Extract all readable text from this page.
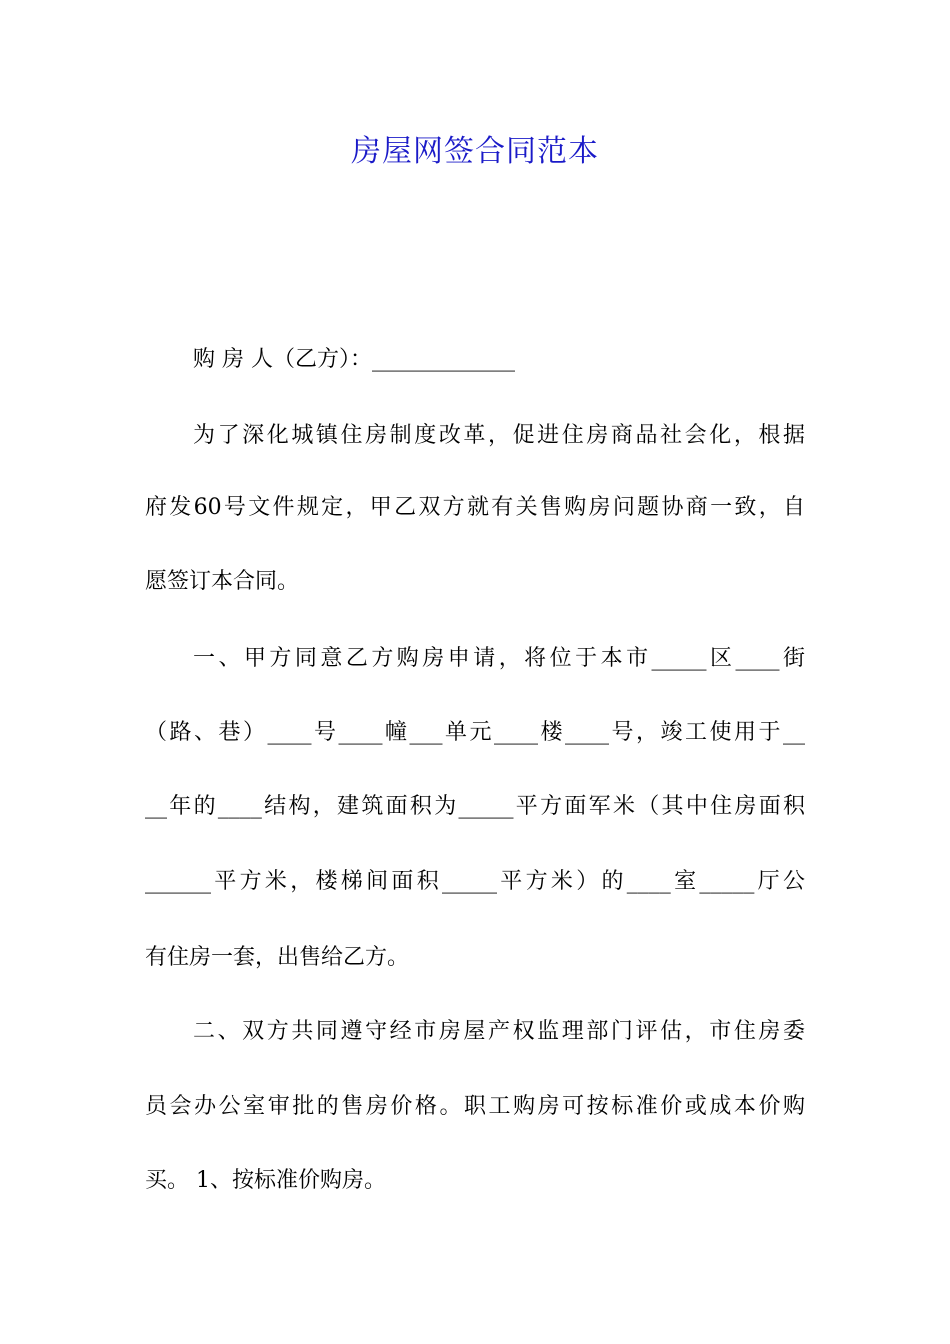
房屋网签合同范本
购 房 人（乙方）：_____________
为了深化城镇住房制度改革，促进住房商品社会化，根据
府发60号文件规定，甲乙双方就有关售购房问题协商一致，自
愿签订本合同。
一、甲方同意乙方购房申请，将位于本市_____区____街
（路、巷）____号____幢___单元____楼____号，竣工使用于__
__年的____结构，建筑面积为_____平方面军米（其中住房面积
______平方米，楼梯间面积_____平方米）的____室_____厅公
有住房一套，出售给乙方。
二、双方共同遵守经市房屋产权监理部门评估，市住房委
员会办公室审批的售房价格。职工购房可按标准价或成本价购
买。 1、按标准价购房。
